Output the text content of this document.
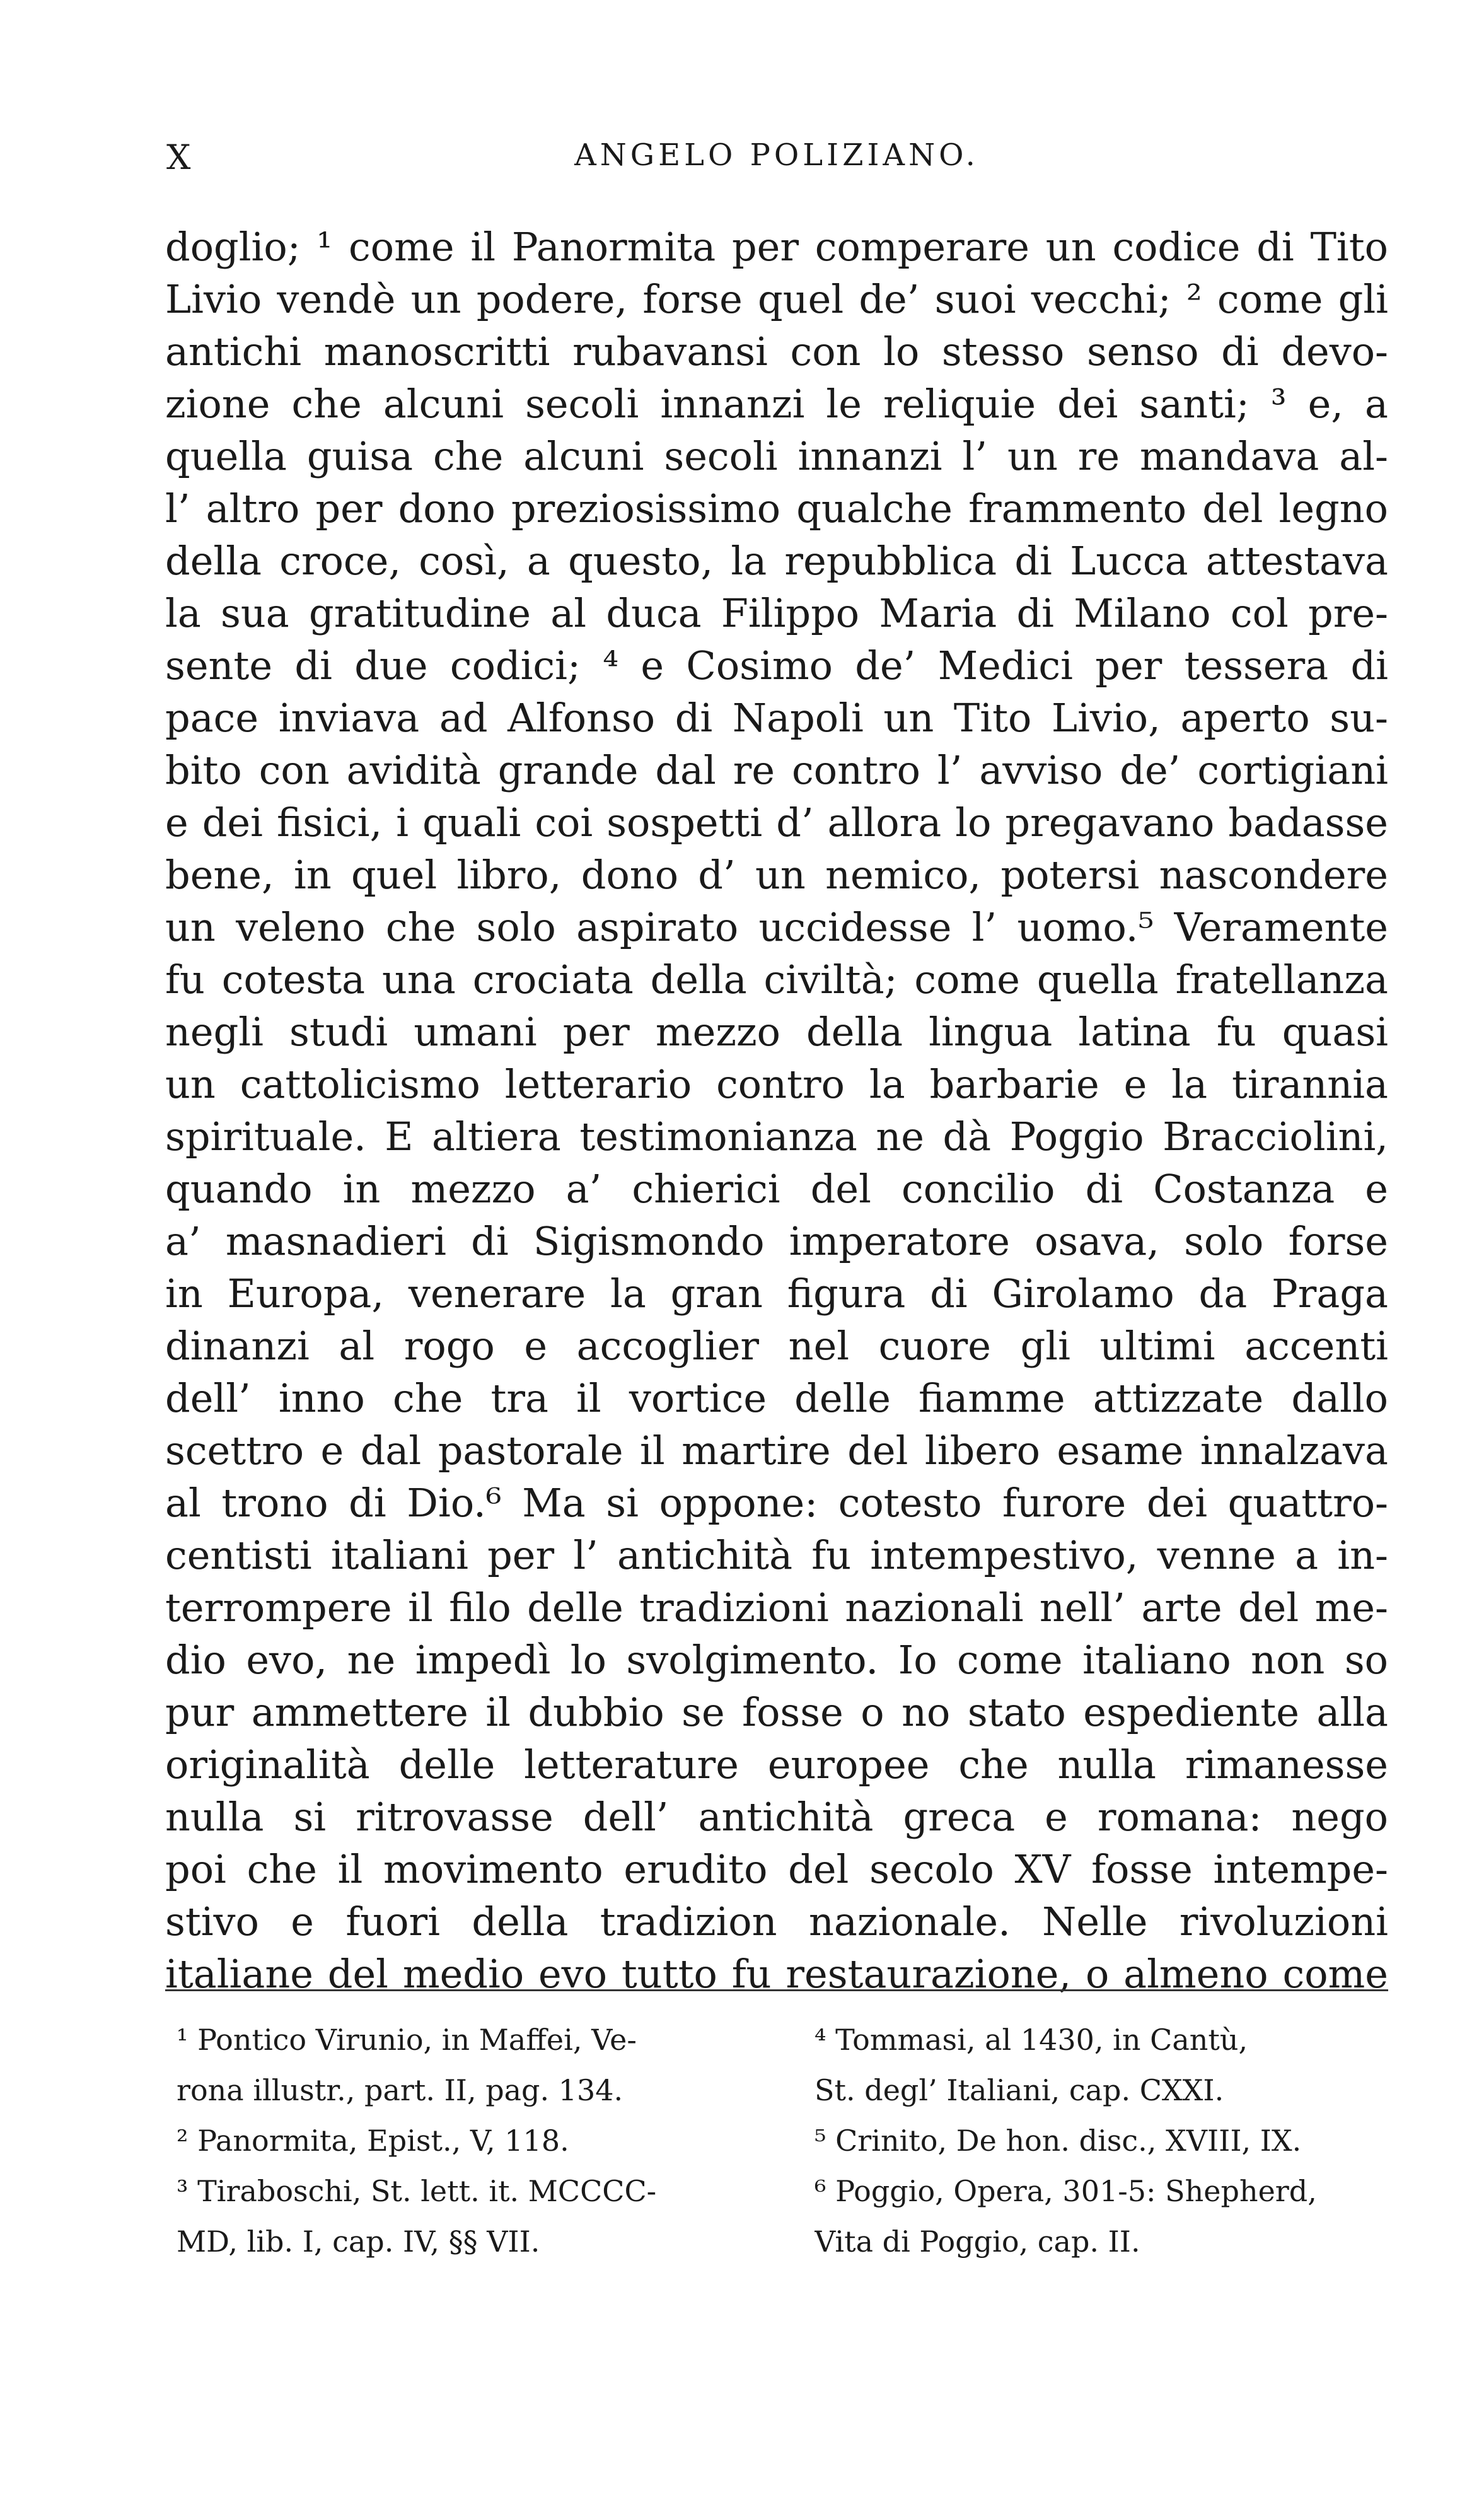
X	ANGELO POLIZIANO.
doglio; ¹ come il Panormita per comperare un codice di Tito
Livio vendè un podere, forse quel de’ suoi vecchi; ² come gli
antichi manoscritti rubavansi con lo stesso senso di devo-
zione che alcuni secoli innanzi le reliquie dei santi; ³ e, a
quella guisa che alcuni secoli innanzi l’ un re mandava al-
l’ altro per dono preziosissimo qualche frammento del legno
della croce, così, a questo, la repubblica di Lucca attestava
la sua gratitudine al duca Filippo Maria di Milano col pre-
sente di due codici; ⁴ e Cosimo de’ Medici per tessera di
pace inviava ad Alfonso di Napoli un Tito Livio, aperto su-
bito con avidità grande dal re contro l’ avviso de’ cortigiani
e dei fisici, i quali coi sospetti d’ allora lo pregavano badasse
bene, in quel libro, dono d’ un nemico, potersi nascondere
un veleno che solo aspirato uccidesse l’ uomo.⁵ Veramente
fu cotesta una crociata della civiltà; come quella fratellanza
negli studi umani per mezzo della lingua latina fu quasi
un cattolicismo letterario contro la barbarie e la tirannia
spirituale. E altiera testimonianza ne dà Poggio Bracciolini,
quando in mezzo a’ chierici del concilio di Costanza e
a’ masnadieri di Sigismondo imperatore osava, solo forse
in Europa, venerare la gran figura di Girolamo da Praga
dinanzi al rogo e accoglier nel cuore gli ultimi accenti
dell’ inno che tra il vortice delle fiamme attizzate dallo
scettro e dal pastorale il martire del libero esame innalzava
al trono di Dio.⁶ Ma si oppone: cotesto furore dei quattro-
centisti italiani per l’ antichità fu intempestivo, venne a in-
terrompere il filo delle tradizioni nazionali nell’ arte del me-
dio evo, ne impedì lo svolgimento. Io come italiano non so
pur ammettere il dubbio se fosse o no stato espediente alla
originalità delle letterature europee che nulla rimanesse
nulla si ritrovasse dell’ antichità greca e romana: nego
poi che il movimento erudito del secolo XV fosse intempe-
stivo e fuori della tradizion nazionale. Nelle rivoluzioni
italiane del medio evo tutto fu restaurazione, o almeno come
¹ Pontico Virunio, in Maffei, Ve-
rona illustr., part. II, pag. 134.
² Panormita, Epist., V, 118.
³ Tiraboschi, St. lett. it. MCCCC-
MD, lib. I, cap. IV, §§ VII.
⁴ Tommasi, al 1430, in Cantù,
St. degl’ Italiani, cap. CXXI.
⁵ Crinito, De hon. disc., XVIII, IX.
⁶ Poggio, Opera, 301-5: Shepherd,
Vita di Poggio, cap. II.
